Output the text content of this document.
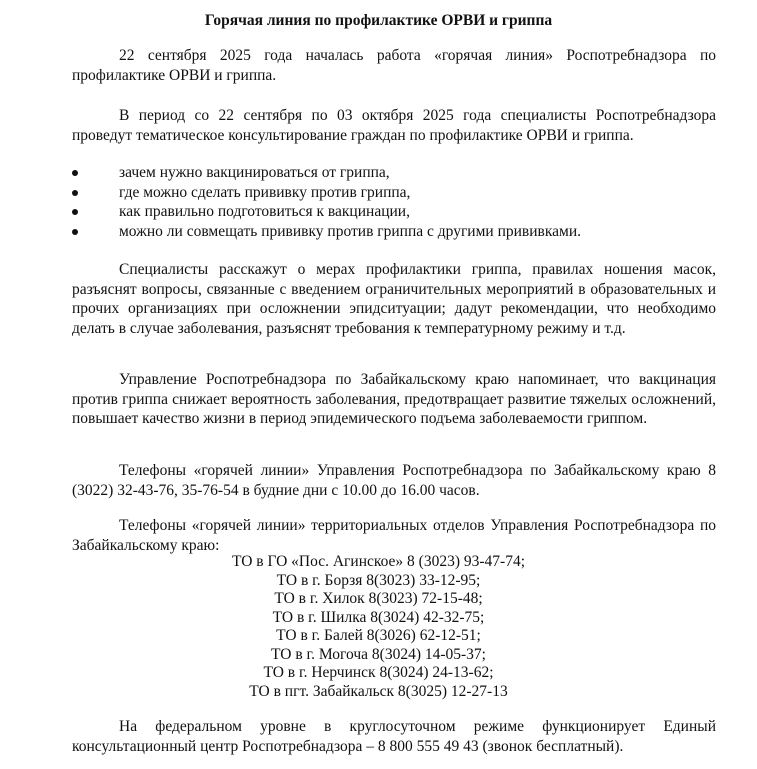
Горячая линия по профилактике ОРВИ и гриппа

22 сентября 2025 года началась работа «горячая линия» Роспотребнадзора по профилактике ОРВИ и гриппа.

В период со 22 сентября по 03 октября 2025 года специалисты Роспотребнадзора проведут тематическое консультирование граждан по профилактике ОРВИ и гриппа.

зачем нужно вакцинироваться от гриппа,
где можно сделать прививку против гриппа,
как правильно подготовиться к вакцинации,
можно ли совмещать прививку против гриппа с другими прививками.

Специалисты расскажут о мерах профилактики гриппа, правилах ношения масок, разъяснят вопросы, связанные с введением ограничительных мероприятий в образовательных и прочих организациях при осложнении эпидситуации; дадут рекомендации, что необходимо делать в случае заболевания, разъяснят требования к температурному режиму и т.д.

Управление Роспотребнадзора по Забайкальскому краю напоминает, что вакцинация против гриппа снижает вероятность заболевания, предотвращает развитие тяжелых осложнений, повышает качество жизни в период эпидемического подъема заболеваемости гриппом.

Телефоны «горячей линии» Управления Роспотребнадзора по Забайкальскому краю 8 (3022) 32-43-76, 35-76-54 в будние дни с 10.00 до 16.00 часов.

Телефоны «горячей линии» территориальных отделов Управления Роспотребнадзора по Забайкальскому краю:

ТО в ГО «Пос. Агинское» 8 (3023) 93-47-74;
ТО в г. Борзя 8(3023) 33-12-95;
ТО в г. Хилок 8(3023) 72-15-48;
ТО в г. Шилка 8(3024) 42-32-75;
ТО в г. Балей 8(3026) 62-12-51;
ТО в г. Могоча 8(3024) 14-05-37;
ТО в г. Нерчинск 8(3024) 24-13-62;
ТО в пгт. Забайкальск 8(3025) 12-27-13

На федеральном уровне в круглосуточном режиме функционирует Единый консультационный центр Роспотребнадзора – 8 800 555 49 43 (звонок бесплатный).
